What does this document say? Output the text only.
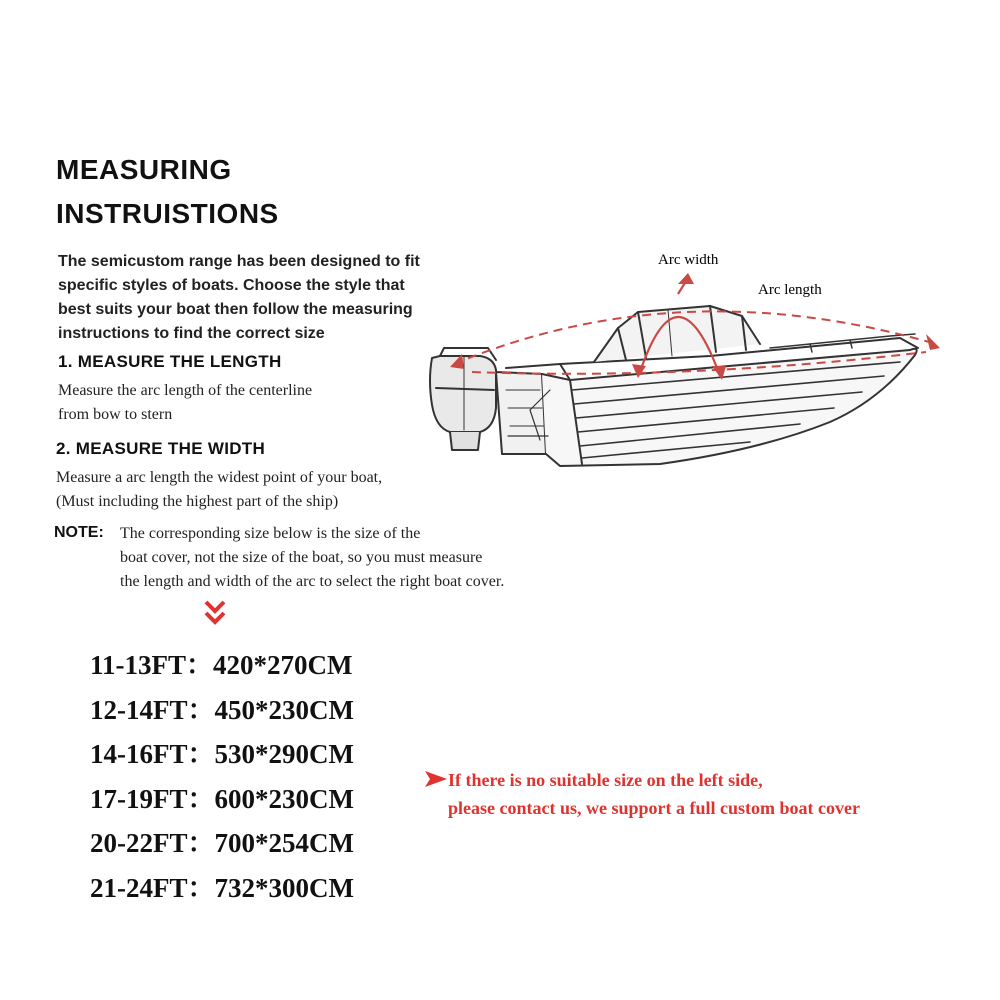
MEASURING
INSTRUISTIONS
The semicustom range has been designed to fit
specific styles of boats. Choose the style that
best suits your boat then follow the measuring
instructions to find the correct size
1. MEASURE THE LENGTH
Measure the arc length of the centerline
from bow to stern
2. MEASURE THE WIDTH
Measure a arc length the widest point of your boat,
(Must including the highest part of the ship)
NOTE: The corresponding size below is the size of the
boat cover, not the size of the boat, so you must measure
the length and width of the arc to select the right boat cover.
11-13FT：420*270CM
12-14FT：450*230CM
14-16FT：530*290CM
17-19FT：600*230CM
20-22FT：700*254CM
21-24FT：732*300CM
If there is no suitable size on the left side,
please contact us, we support a full custom boat cover
Arc length
Arc width
